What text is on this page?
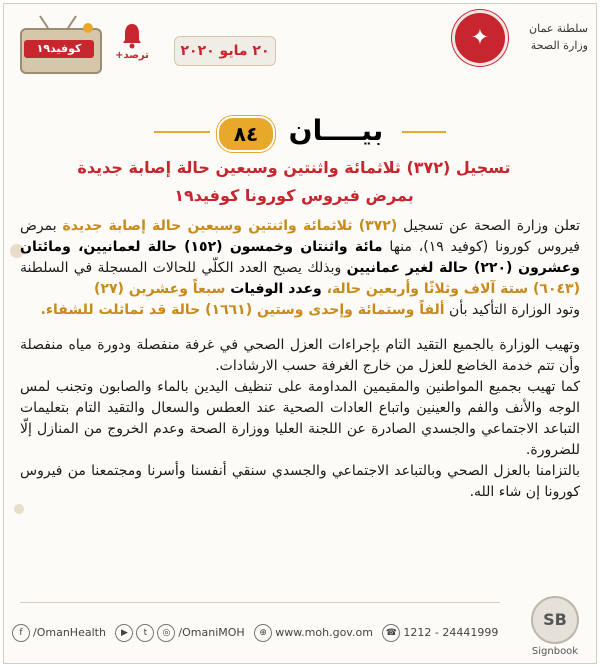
✦	سلطنة عمان
وزارة الصحة
٢٠ مايو ٢٠٢٠
ترصد+
كوفيد١٩
٨٤	بيــــان
تسجيل (٣٧٢) ثلاثمائة واثنتين وسبعين حالة إصابة جديدة
بمرض فيروس كورونا كوفيد١٩

تعلن وزارة الصحة عن تسجيل (٣٧٢) ثلاثمائة واثنتين وسبعين حالة إصابة جديدة بمرض فيروس كورونا (كوفيد ١٩)، منها مائة واثنتان وخمسون (١٥٢) حالة لعمانيين، ومائتان وعشرون (٢٢٠) حالة لغير عمانيين وبذلك يصبح العدد الكلّي للحالات المسجلة في السلطنة (٦٠٤٣) ستة آلاف وثلاثًا وأربعين حالة، وعدد الوفيات سبعاً وعشرين (٢٧)
وتود الوزارة التأكيد بأن ألفاً وستمائة وإحدى وستين (١٦٦١) حالة قد تماثلت للشفاء.

وتهيب الوزارة بالجميع التقيد التام بإجراءات العزل الصحي في غرفة منفصلة ودورة مياه منفصلة وأن تتم خدمة الخاضع للعزل من خارج الغرفة حسب الارشادات.

كما تهيب بجميع المواطنين والمقيمين المداومة على تنظيف اليدين بالماء والصابون وتجنب لمس الوجه والأنف والفم والعينين واتباع العادات الصحية عند العطس والسعال والتقيد التام بتعليمات التباعد الاجتماعي والجسدي الصادرة عن اللجنة العليا ووزارة الصحة وعدم الخروج من المنازل إلّا للضرورة.

بالتزامنا بالعزل الصحي وبالتباعد الاجتماعي والجسدي سنقي أنفسنا وأسرنا ومجتمعنا من فيروس كورونا إن شاء الله.

f /OmanHealth ▶ t ◎ /OmaniMOH ⊕ www.moh.gov.om ☎ 1212 - 24441999
SB
Signbook
